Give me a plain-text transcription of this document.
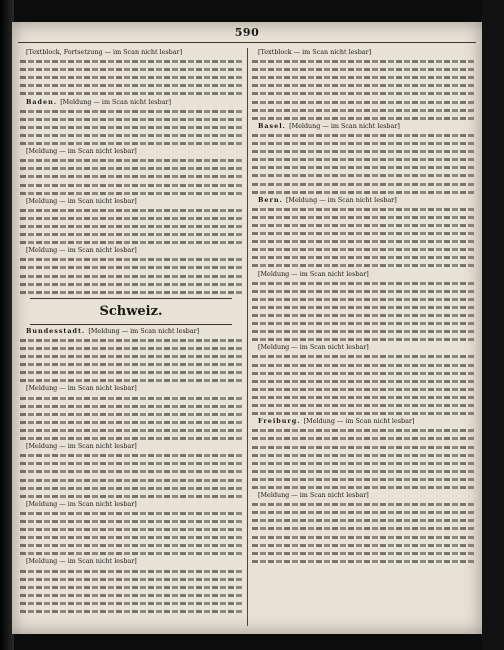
590
[Textblock, Fortsetzung — im Scan nicht lesbar]
Baden. [Meldung — im Scan nicht lesbar]
[Meldung — im Scan nicht lesbar]
[Meldung — im Scan nicht lesbar]
[Meldung — im Scan nicht lesbar]
Schweiz.
Bundesstadt. [Meldung — im Scan nicht lesbar]
[Meldung — im Scan nicht lesbar]
[Meldung — im Scan nicht lesbar]
[Meldung — im Scan nicht lesbar]
[Meldung — im Scan nicht lesbar]
[Textblock — im Scan nicht lesbar]
Basel. [Meldung — im Scan nicht lesbar]
Bern. [Meldung — im Scan nicht lesbar]
[Meldung — im Scan nicht lesbar]
[Meldung — im Scan nicht lesbar]
Freiburg. [Meldung — im Scan nicht lesbar]
[Meldung — im Scan nicht lesbar]
